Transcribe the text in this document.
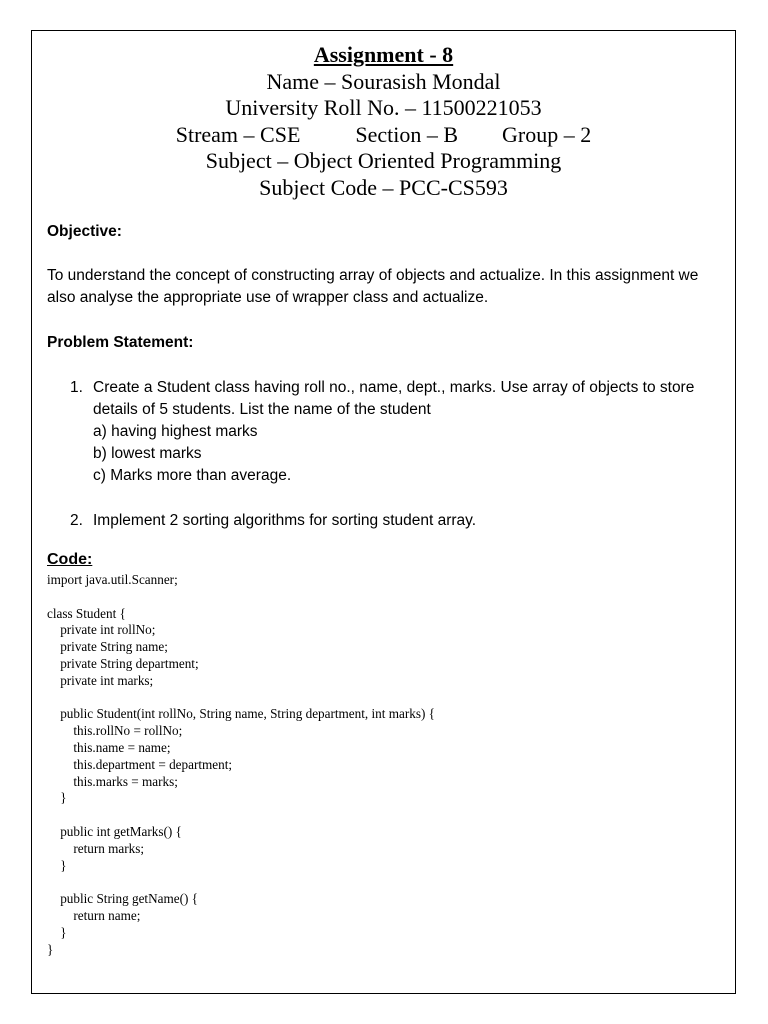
Assignment - 8
Name – Sourasish Mondal
University Roll No. – 11500221053
Stream – CSE          Section – B        Group – 2
Subject – Object Oriented Programming
Subject Code – PCC-CS593
Objective:
To understand the concept of constructing array of objects and actualize. In this assignment we also analyse the appropriate use of wrapper class and actualize.
Problem Statement:
1. Create a Student class having roll no., name, dept., marks. Use array of objects to store details of 5 students. List the name of the student
a) having highest marks
b) lowest marks
c) Marks more than average.
2. Implement 2 sorting algorithms for sorting student array.
Code:
import java.util.Scanner;

class Student {
private int rollNo;
private String name;
private String department;
private int marks;

public Student(int rollNo, String name, String department, int marks) {
this.rollNo = rollNo;
this.name = name;
this.department = department;
this.marks = marks;
}

public int getMarks() {
return marks;
}

public String getName() {
return name;
}
}
